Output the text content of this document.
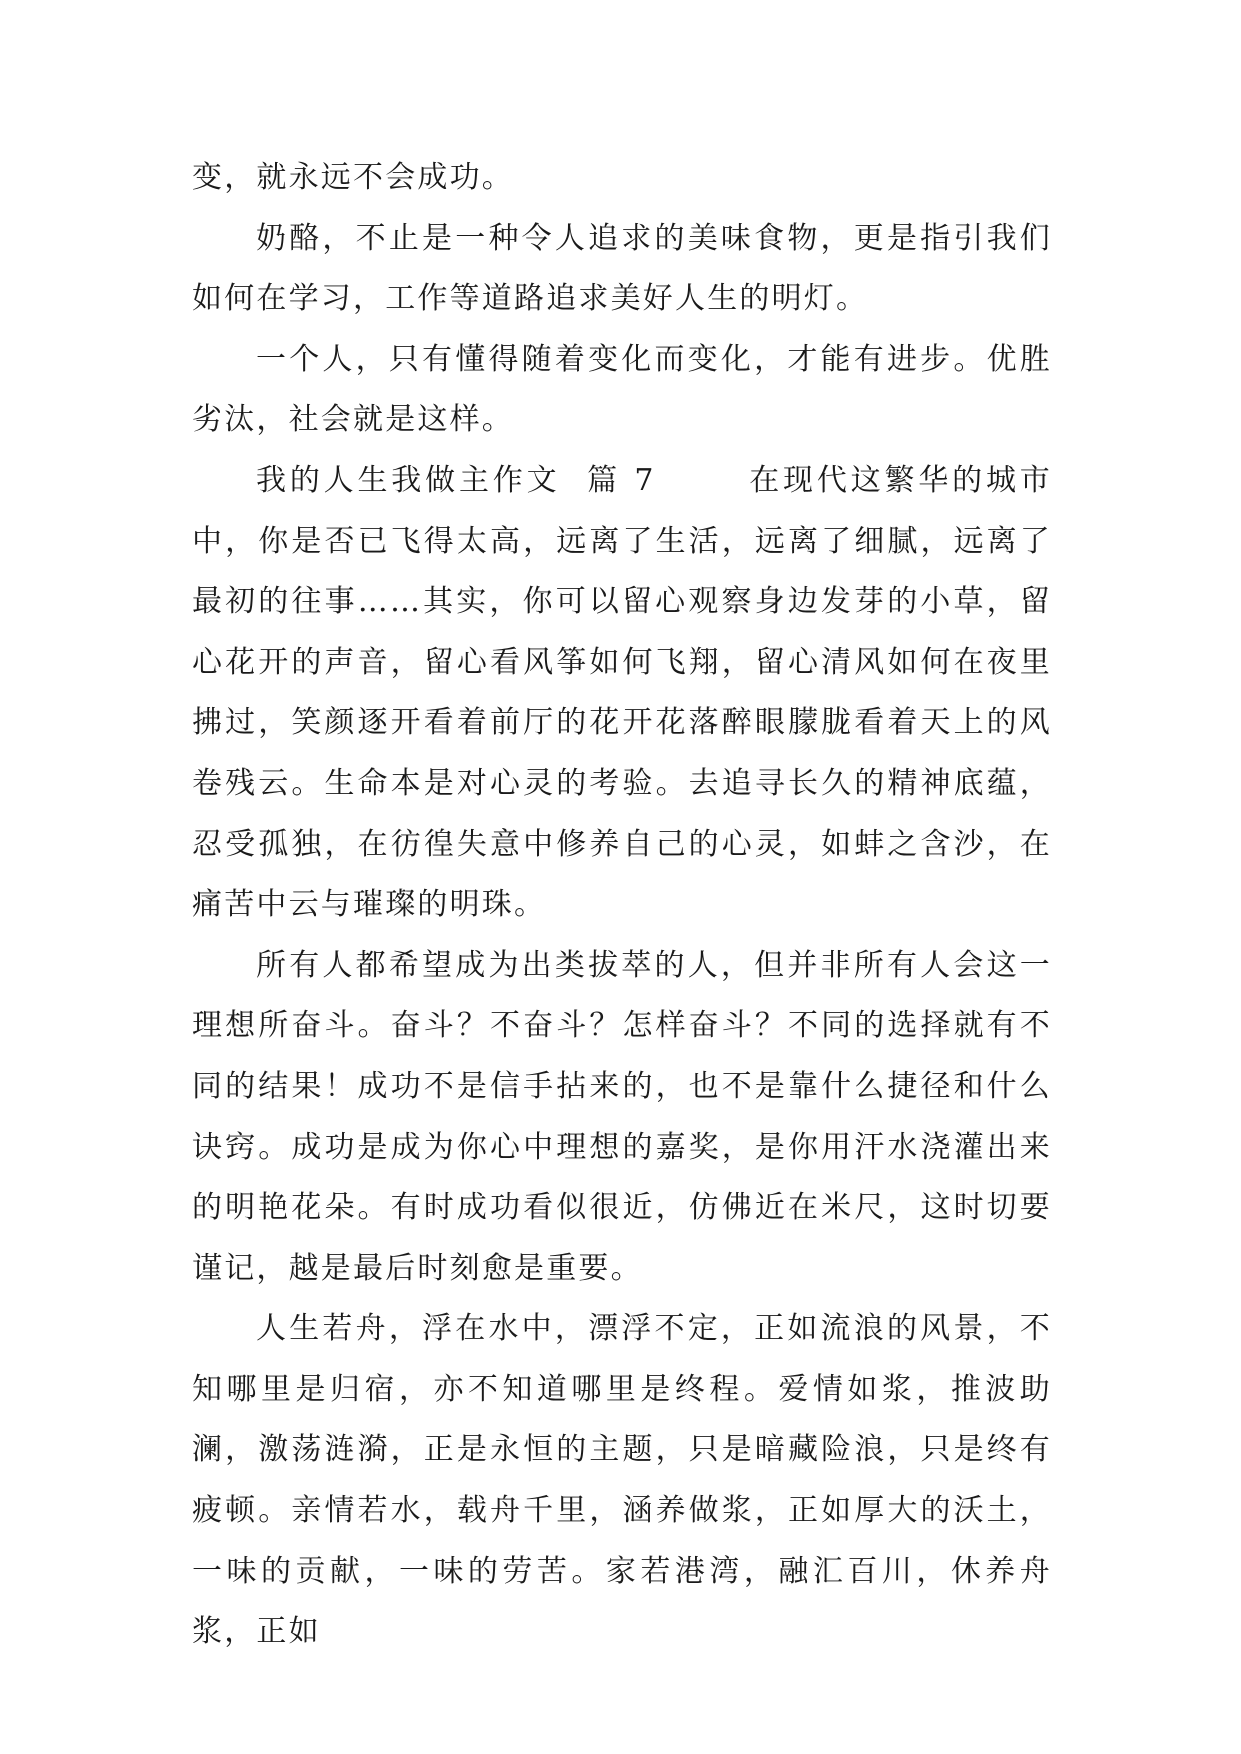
变，就永远不会成功。

奶酪，不止是一种令人追求的美味食物，更是指引我们如何在学习，工作等道路追求美好人生的明灯。

一个人，只有懂得随着变化而变化，才能有进步。优胜劣汰，社会就是这样。

我的人生我做主作文  篇 7	在现代这繁华的城市中，你是否已飞得太高，远离了生活，远离了细腻，远离了最初的往事……其实，你可以留心观察身边发芽的小草，留心花开的声音，留心看风筝如何飞翔，留心清风如何在夜里拂过，笑颜逐开看着前厅的花开花落醉眼朦胧看着天上的风卷残云。生命本是对心灵的考验。去追寻长久的精神底蕴，忍受孤独，在彷徨失意中修养自己的心灵，如蚌之含沙，在痛苦中云与璀璨的明珠。

所有人都希望成为出类拔萃的人，但并非所有人会这一理想所奋斗。奋斗？不奋斗？怎样奋斗？不同的选择就有不同的结果！成功不是信手拈来的，也不是靠什么捷径和什么诀窍。成功是成为你心中理想的嘉奖，是你用汗水浇灌出来的明艳花朵。有时成功看似很近，仿佛近在米尺，这时切要谨记，越是最后时刻愈是重要。

人生若舟，浮在水中，漂浮不定，正如流浪的风景，不知哪里是归宿，亦不知道哪里是终程。爱情如浆，推波助澜，激荡涟漪，正是永恒的主题，只是暗藏险浪，只是终有疲顿。亲情若水，载舟千里，涵养做浆，正如厚大的沃土，一味的贡献，一味的劳苦。家若港湾，融汇百川，休养舟浆，正如
